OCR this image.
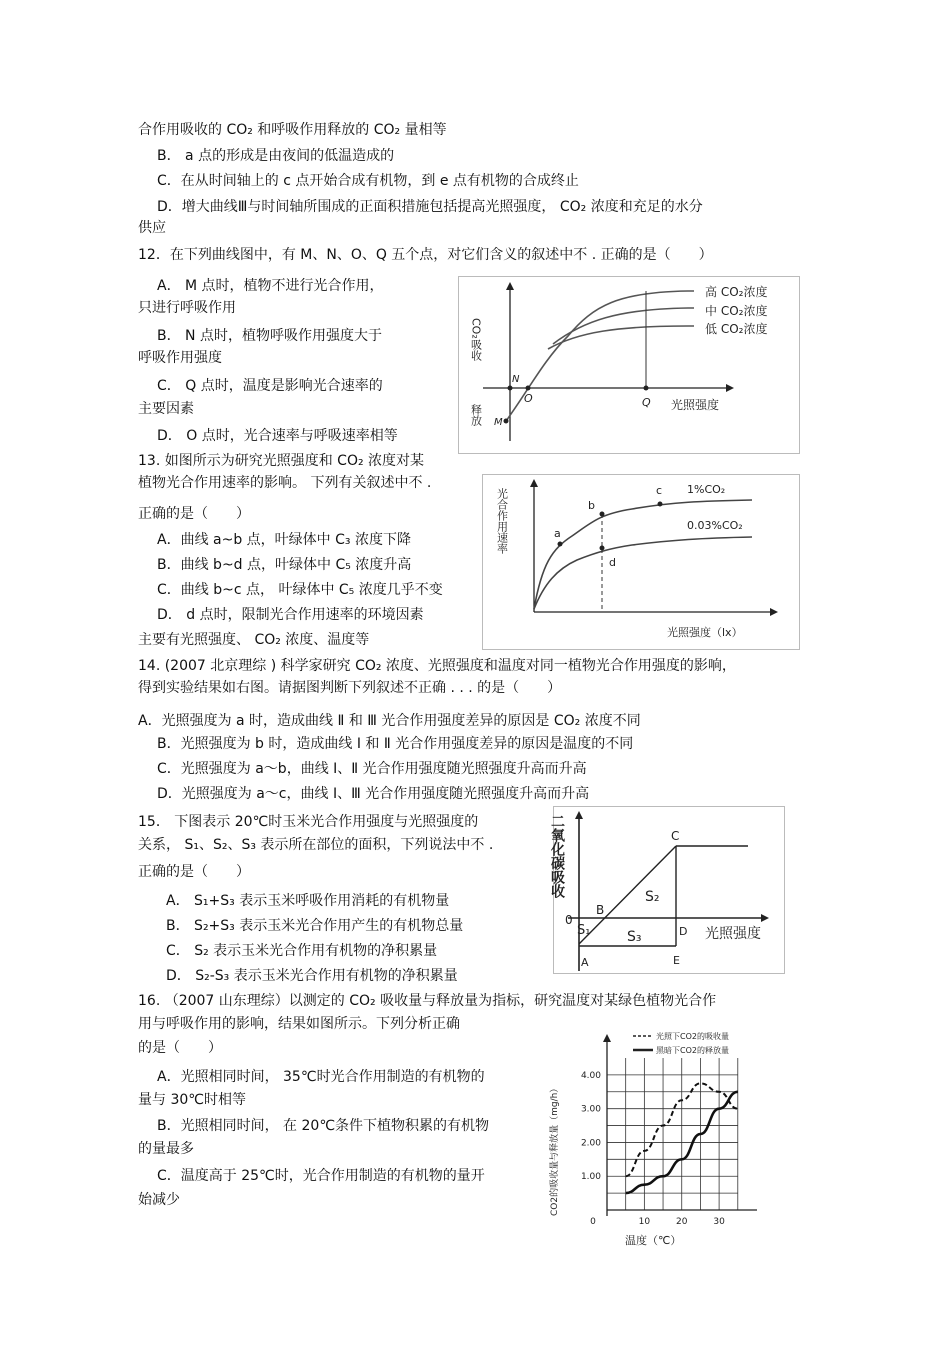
合作用吸收的 CO₂ 和呼吸作用释放的 CO₂ 量相等
B． a 点的形成是由夜间的低温造成的
C．在从时间轴上的 c 点开始合成有机物，到 e 点有机物的合成终止
D．增大曲线Ⅲ与时间轴所围成的正面积措施包括提高光照强度， CO₂ 浓度和充足的水分
供应
12．在下列曲线图中，有 M、N、O、Q 五个点，对它们含义的叙述中不 . 正确的是（　　）
A． M 点时，植物不进行光合作用，
只进行呼吸作用
B． N 点时，植物呼吸作用强度大于
呼吸作用强度
C． Q 点时，温度是影响光合速率的
主要因素
D． O 点时，光合速率与呼吸速率相等
CO₂吸收
释放
高 CO₂浓度
中 CO₂浓度
低 CO₂浓度
光照强度
N
M
O	Q
13. 如图所示为研究光照强度和 CO₂ 浓度对某
植物光合作用速率的影响。 下列有关叙述中不 .
正确的是（　　）
A．曲线 a~b 点，叶绿体中 C₃ 浓度下降
B．曲线 b~d 点，叶绿体中 C₅ 浓度升高
C．曲线 b~c 点， 叶绿体中 C₅ 浓度几乎不变
D． d 点时，限制光合作用速率的环境因素
主要有光照强度、 CO₂ 浓度、温度等
光合作用速率
光照强度（lx）
1%CO₂
0.03%CO₂
a
b
c
d
14. (2007 北京理综 ) 科学家研究 CO₂ 浓度、光照强度和温度对同一植物光合作用强度的影响，
得到实验结果如右图。请据图判断下列叙述不正确 . . . 的是（　　）
A．光照强度为 a 时，造成曲线 Ⅱ 和 Ⅲ 光合作用强度差异的原因是 CO₂ 浓度不同
B．光照强度为 b 时，造成曲线 Ⅰ 和 Ⅱ 光合作用强度差异的原因是温度的不同
C．光照强度为 a～b，曲线 Ⅰ、Ⅱ 光合作用强度随光照强度升高而升高
D．光照强度为 a～c，曲线 Ⅰ、Ⅲ 光合作用强度随光照强度升高而升高
15． 下图表示 20℃时玉米光合作用强度与光照强度的
关系， S₁、S₂、S₃ 表示所在部位的面积，下列说法中不 .
正确的是（　　）
A． S₁+S₃ 表示玉米呼吸作用消耗的有机物量
B． S₂+S₃ 表示玉米光合作用产生的有机物总量
C． S₂ 表示玉米光合作用有机物的净积累量
D． S₂-S₃ 表示玉米光合作用有机物的净积累量
二氧化碳吸收
0
光照强度
A
B
C
D
E
S₁
S₂
S₃
16. （2007 山东理综）以测定的 CO₂ 吸收量与释放量为指标，研究温度对某绿色植物光合作
用与呼吸作用的影响，结果如图所示。下列分析正确
的是（　　）
A．光照相同时间， 35℃时光合作用制造的有机物的
量与 30℃时相等
B．光照相同时间， 在 20℃条件下植物积累的有机物
的量最多
C．温度高于 25℃时，光合作用制造的有机物的量开
始减少
1.00
2.00
3.00
4.00
0	10	20	30
CO2的吸收量与释放量（mg/h）
温度（℃）
光照下CO2的吸收量
黑暗下CO2的释放量
